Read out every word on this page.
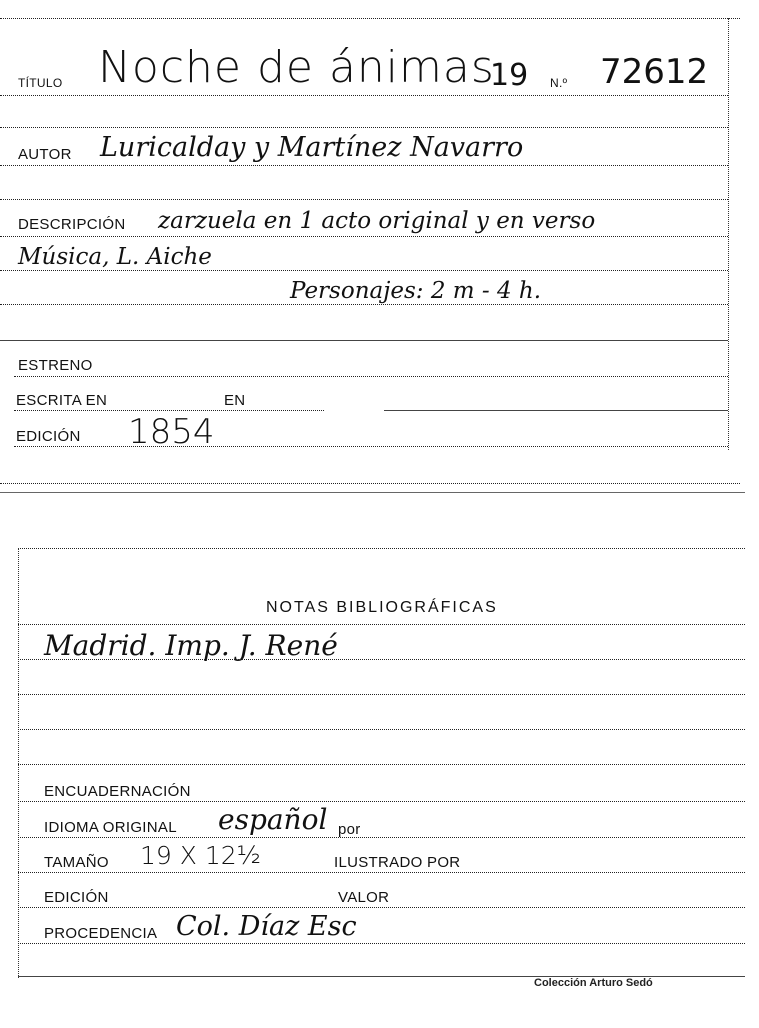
TÍTULO Noche de ánimas
19 N.º 72612
AUTOR Luricalday y Martínez Navarro
DESCRIPCIÓN zarzuela en 1 acto original y en verso
Música, L. Aiche
Personajes: 2 m - 4 h.
ESTRENO
ESCRITA EN	EN
EDICIÓN 1854
NOTAS BIBLIOGRÁFICAS
Madrid. Imp. J. René
ENCUADERNACIÓN
IDIOMA ORIGINAL español por
TAMAÑO 19 X 12½	ILUSTRADO POR
EDICIÓN	VALOR
PROCEDENCIA Col. Díaz Esc
Colección Arturo Sedó
